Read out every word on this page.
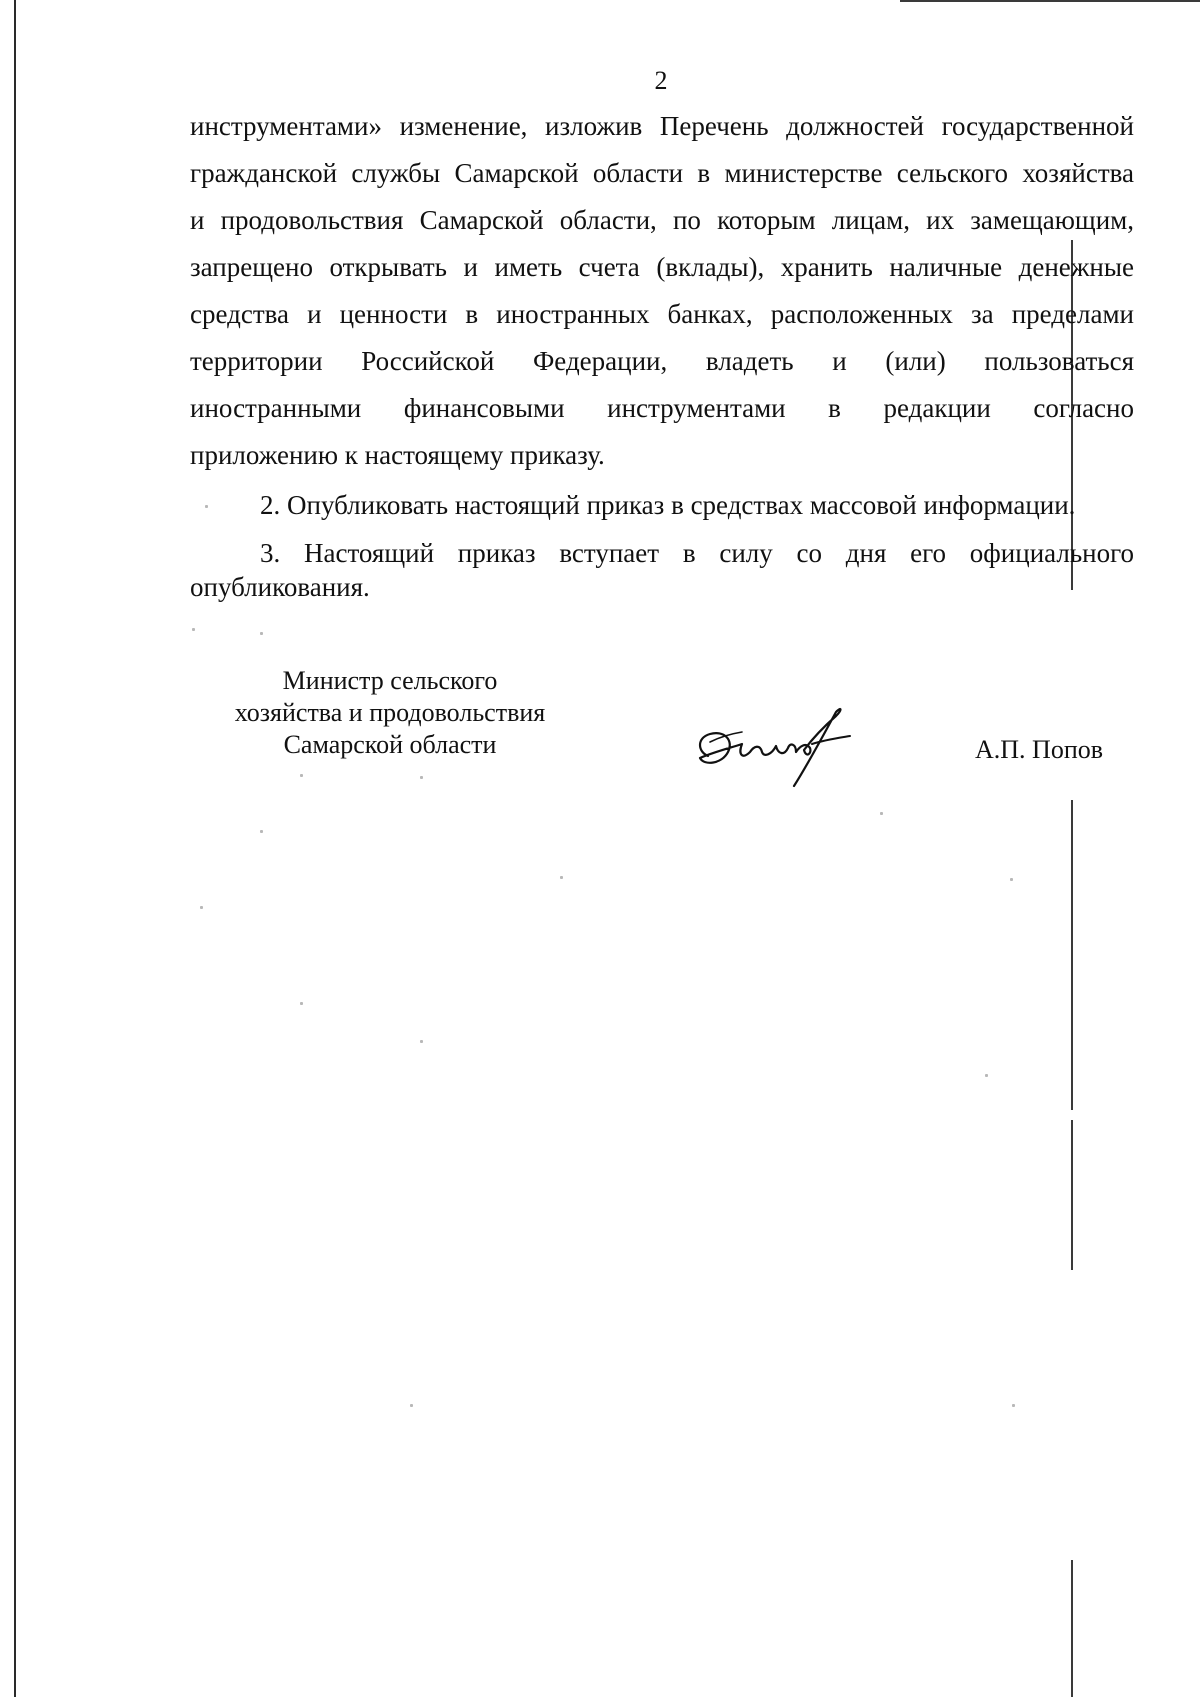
2
инструментами» изменение, изложив Перечень должностей государственной
гражданской службы Самарской области в министерстве сельского хозяйства
и продовольствия Самарской области, по которым лицам, их замещающим,
запрещено открывать и иметь счета (вклады), хранить наличные денежные
средства и ценности в иностранных банках, расположенных за пределами
территории Российской Федерации, владеть и (или) пользоваться
иностранными финансовыми инструментами в редакции согласно
приложению к настоящему приказу.
2. Опубликовать настоящий приказ в средствах массовой информации.
3. Настоящий приказ вступает в силу со дня его официального
опубликования.
Министр сельского
хозяйства и продовольствия
Самарской области	А.П. Попов
